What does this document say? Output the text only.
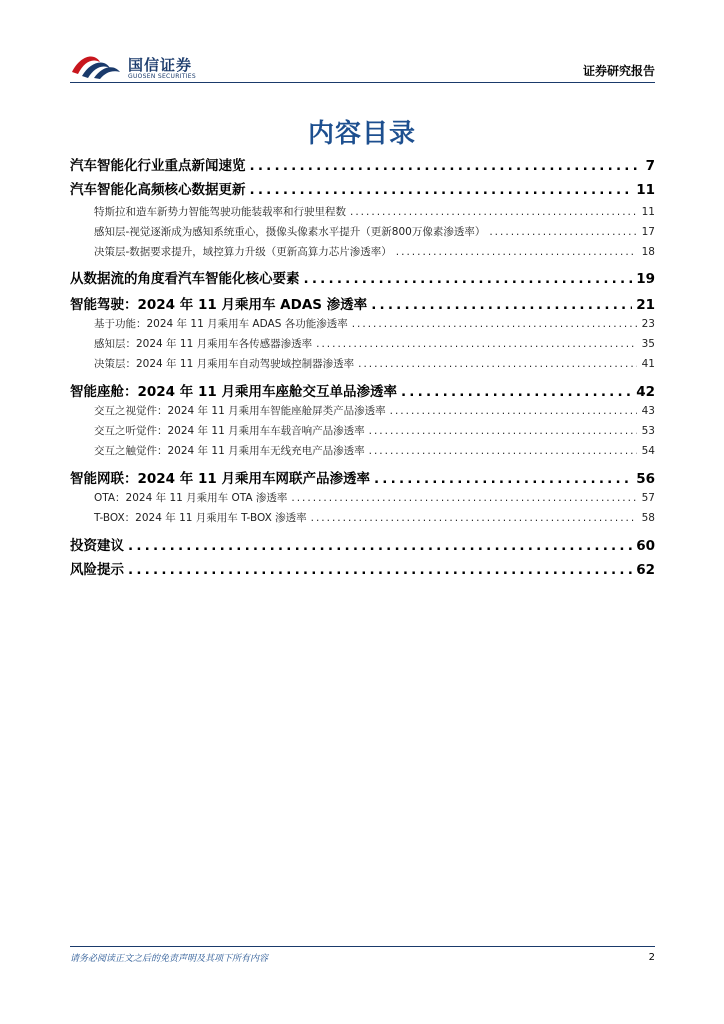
国信证券
GUOSEN SECURITIES	证券研究报告
内容目录
汽车智能化行业重点新闻速览 .....	7
汽车智能化高频核心数据更新 .....	11
特斯拉和造车新势力智能驾驶功能装载率和行驶里程数 .....	11
感知层-视觉逐渐成为感知系统重心，摄像头像素水平提升（更新800万像素渗透率） .....	17
决策层-数据要求提升，域控算力升级（更新高算力芯片渗透率） .....	18
从数据流的角度看汽车智能化核心要素 .....	19
智能驾驶：2024 年 11 月乘用车 ADAS 渗透率 .....	21
基于功能：2024 年 11 月乘用车 ADAS 各功能渗透率 .....	23
感知层：2024 年 11 月乘用车各传感器渗透率 .....	35
决策层：2024 年 11 月乘用车自动驾驶域控制器渗透率 .....	41
智能座舱：2024 年 11 月乘用车座舱交互单品渗透率 .....	42
交互之视觉件：2024 年 11 月乘用车智能座舱屏类产品渗透率 .....	43
交互之听觉件：2024 年 11 月乘用车车载音响产品渗透率 .....	53
交互之触觉件：2024 年 11 月乘用车无线充电产品渗透率 .....	54
智能网联：2024 年 11 月乘用车网联产品渗透率 .....	56
OTA：2024 年 11 月乘用车 OTA 渗透率 .....	57
T-BOX：2024 年 11 月乘用车 T-BOX 渗透率 .....	58
投资建议 .....	60
风险提示 .....	62
请务必阅读正文之后的免责声明及其项下所有内容	2
